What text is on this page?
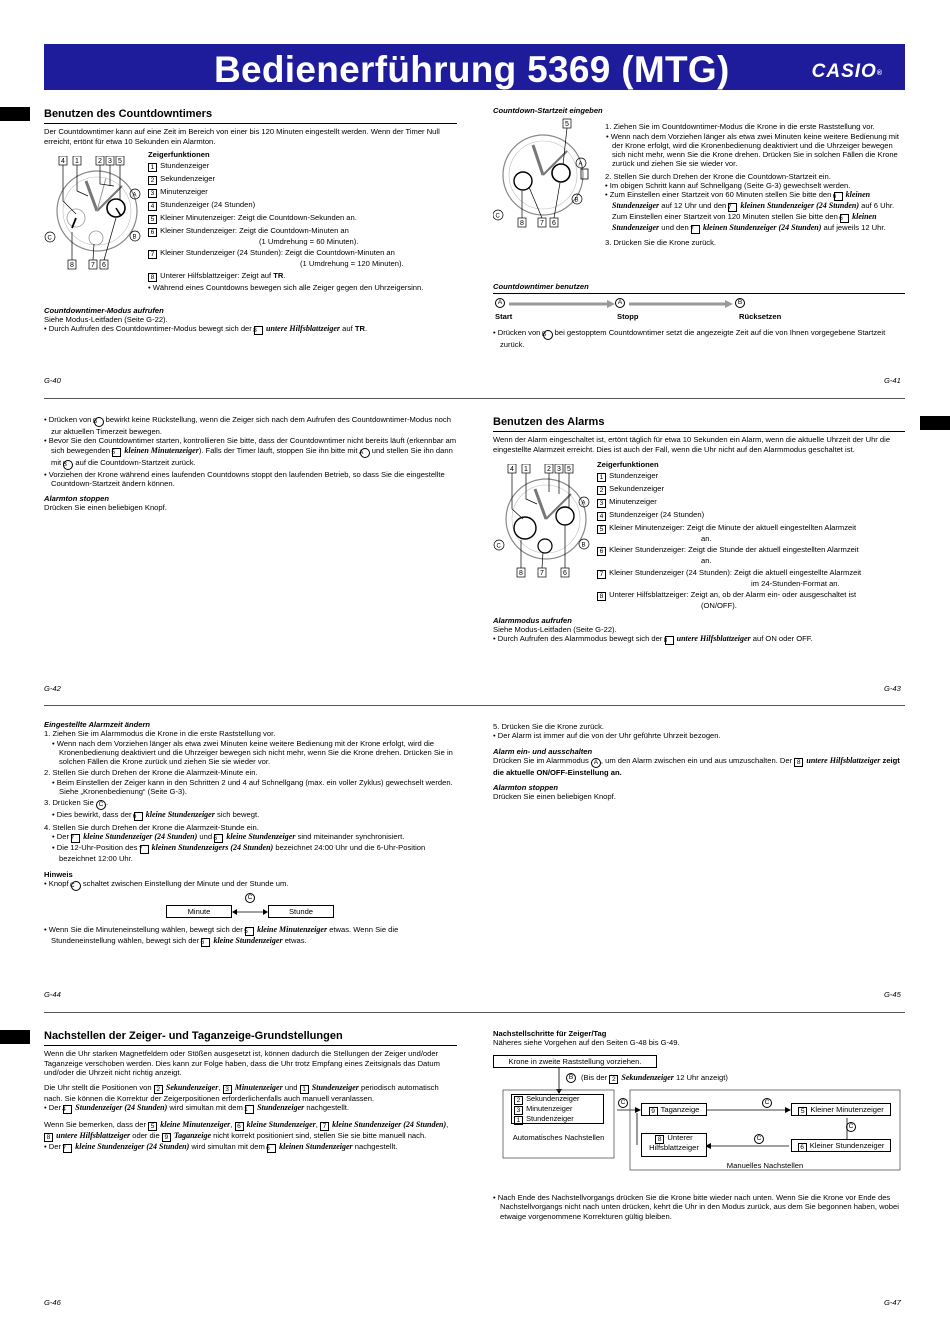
Bedienerführung 5369 (MTG)	CASIO®
Benutzen des Countdowntimers

Der Countdowntimer kann auf eine Zeit im Bereich von einer bis 120 Minuten eingestellt werden. Wenn der Timer Null erreicht, ertönt für etwa 10 Sekunden ein Alarmton.

4 1	2 3 5
A
B
C
8 7 6

Zeigerfunktionen

1 Stundenzeiger

2 Sekundenzeiger

3 Minutenzeiger

4 Stundenzeiger (24 Stunden)

5 Kleiner Minutenzeiger: Zeigt die Countdown-Sekunden an.

6 Kleiner Stundenzeiger: Zeigt die Countdown-Minuten an
(1 Umdrehung = 60 Minuten).

7 Kleiner Stundenzeiger (24 Stunden): Zeigt die Countdown-Minuten an
(1 Umdrehung = 120 Minuten).

8 Unterer Hilfsblattzeiger: Zeigt auf TR.

• Während eines Countdowns bewegen sich alle Zeiger gegen den Uhrzeigersinn.

Countdowntimer-Modus aufrufen

Siehe Modus-Leitfaden (Seite G-22).

• Durch Aufrufen des Countdowntimer-Modus bewegt sich der 8 untere Hilfsblattzeiger auf TR.

G-40

Countdown-Startzeit eingeben

5
A
B
C
8 7 6

1. Ziehen Sie im Countdowntimer-Modus die Krone in die erste Raststellung vor.

• Wenn nach dem Vorziehen länger als etwa zwei Minuten keine weitere Bedienung mit der Krone erfolgt, wird die Kronenbedienung deaktiviert und die Uhrzeiger bewegen sich nicht mehr, wenn Sie die Krone drehen. Drücken Sie in solchen Fällen die Krone zurück und ziehen Sie sie wieder vor.

2. Stellen Sie durch Drehen der Krone die Countdown-Startzeit ein.

• Im obigen Schritt kann auf Schnellgang (Seite G-3) gewechselt werden.

• Zum Einstellen einer Startzeit von 60 Minuten stellen Sie bitte den 6 kleinen Stundenzeiger auf 12 Uhr und den 7 kleinen Stundenzeiger (24 Stunden) auf 6 Uhr. Zum Einstellen einer Startzeit von 120 Minuten stellen Sie bitte den 6 kleinen Stundenzeiger und den 7 kleinen Stundenzeiger (24 Stunden) auf jeweils 12 Uhr.

3. Drücken Sie die Krone zurück.

Countdowntimer benutzen

A	A	B
Start	Stopp	Rücksetzen

• Drücken von B bei gestopptem Countdowntimer setzt die angezeigte Zeit auf die von Ihnen vorgegebene Startzeit zurück.

G-41

• Drücken von B bewirkt keine Rückstellung, wenn die Zeiger sich nach dem Aufrufen des Countdowntimer-Modus noch zur aktuellen Timerzeit bewegen.

• Bevor Sie den Countdowntimer starten, kontrollieren Sie bitte, dass der Countdowntimer nicht bereits läuft (erkennbar am sich bewegenden 5 kleinen Minutenzeiger). Falls der Timer läuft, stoppen Sie ihn bitte mit A und stellen Sie ihn dann mit B auf die Countdown-Startzeit zurück.

• Vorziehen der Krone während eines laufenden Countdowns stoppt den laufenden Betrieb, so dass Sie die eingestellte Countdown-Startzeit ändern können.

Alarmton stoppen

Drücken Sie einen beliebigen Knopf.

G-42
Benutzen des Alarms

Wenn der Alarm eingeschaltet ist, ertönt täglich für etwa 10 Sekunden ein Alarm, wenn die aktuelle Uhrzeit der Uhr die eingestellte Alarmzeit erreicht. Dies ist auch der Fall, wenn die Uhr nicht auf den Alarmmodus geschaltet ist.

4 1	2 3 5
A
B
C
8 7	6

Zeigerfunktionen

1 Stundenzeiger

2 Sekundenzeiger

3 Minutenzeiger

4 Stundenzeiger (24 Stunden)

5 Kleiner Minutenzeiger: Zeigt die Minute der aktuell eingestellten Alarmzeit
an.

6 Kleiner Stundenzeiger: Zeigt die Stunde der aktuell eingestellten Alarmzeit
an.

7 Kleiner Stundenzeiger (24 Stunden): Zeigt die aktuell eingestellte Alarmzeit
im 24-Stunden-Format an.

8 Unterer Hilfsblattzeiger: Zeigt an, ob der Alarm ein- oder ausgeschaltet ist
(ON/OFF).

Alarmmodus aufrufen

Siehe Modus-Leitfaden (Seite G-22).

• Durch Aufrufen des Alarmmodus bewegt sich der 8 untere Hilfsblattzeiger auf ON oder OFF.

G-43

Eingestellte Alarmzeit ändern

1. Ziehen Sie im Alarmmodus die Krone in die erste Raststellung vor.

• Wenn nach dem Vorziehen länger als etwa zwei Minuten keine weitere Bedienung mit der Krone erfolgt, wird die Kronenbedienung deaktiviert und die Uhrzeiger bewegen sich nicht mehr, wenn Sie die Krone drehen. Drücken Sie in solchen Fällen die Krone zurück und ziehen Sie sie wieder vor.

2. Stellen Sie durch Drehen der Krone die Alarmzeit-Minute ein.

• Beim Einstellen der Zeiger kann in den Schritten 2 und 4 auf Schnellgang (max. ein voller Zyklus) gewechselt werden. Siehe „Kronenbedienung“ (Seite G-3).

3. Drücken Sie C .

• Dies bewirkt, dass der 6 kleine Stundenzeiger sich bewegt.

4. Stellen Sie durch Drehen der Krone die Alarmzeit-Stunde ein.

• Der 7 kleine Stundenzeiger (24 Stunden) und 6 kleine Stundenzeiger sind miteinander synchronisiert.

• Die 12-Uhr-Position des 7 kleinen Stundenzeigers (24 Stunden) bezeichnet 24:00 Uhr und die 6-Uhr-Position bezeichnet 12:00 Uhr.

Hinweis

• Knopf C schaltet zwischen Einstellung der Minute und der Stunde um.

C
Minute	Stunde

• Wenn Sie die Minuteneinstellung wählen, bewegt sich der 5 kleine Minutenzeiger etwas. Wenn Sie die Stundeneinstellung wählen, bewegt sich der 6 kleine Stundenzeiger etwas.

G-44

5. Drücken Sie die Krone zurück.

• Der Alarm ist immer auf die von der Uhr geführte Uhrzeit bezogen.

Alarm ein- und ausschalten

Drücken Sie im Alarmmodus A , um den Alarm zwischen ein und aus umzuschalten. Der 8 untere Hilfsblattzeiger zeigt die aktuelle ON/OFF-Einstellung an.

Alarmton stoppen

Drücken Sie einen beliebigen Knopf.

G-45
Nachstellen der Zeiger- und Taganzeige-Grundstellungen

Wenn die Uhr starken Magnetfeldern oder Stößen ausgesetzt ist, können dadurch die Stellungen der Zeiger und/oder Taganzeige verschoben werden. Dies kann zur Folge haben, dass die Uhr trotz Empfang eines Zeitsignals das Datum und/oder die Uhrzeit nicht richtig anzeigt.

Die Uhr stellt die Positionen von 2 Sekundenzeiger, 3 Minutenzeiger und 1 Stundenzeiger periodisch automatisch nach. Sie können die Korrektur der Zeigerpositionen erforderlichenfalls auch manuell veranlassen.

• Der 4 Stundenzeiger (24 Stunden) wird simultan mit dem 1 Stundenzeiger nachgestellt.

Wenn Sie bemerken, dass der 5 kleine Minutenzeiger, 6 kleine Stundenzeiger, 7 kleine Stundenzeiger (24 Stunden), 8 untere Hilfsblattzeiger oder die 9 Taganzeige nicht korrekt positioniert sind, stellen Sie sie bitte manuell nach.

• Der 7 kleine Stundenzeiger (24 Stunden) wird simultan mit dem 6 kleinen Stundenzeiger nachgestellt.

G-46

Nachstellschritte für Zeiger/Tag

Näheres siehe Vorgehen auf den Seiten G-48 bis G-49.

Krone in zweite Raststellung vorziehen.
B	(Bis der 2 Sekundenzeiger 12 Uhr anzeigt)
2 Sekundenzeiger
3 Minutenzeiger
1 Stundenzeiger
Automatisches Nachstellen
C
9 Taganzeige
C
5 Kleiner Minutenzeiger
C
6 Kleiner Stundenzeiger
C
8 Unterer Hilfsblattzeiger
Manuelles Nachstellen

• Nach Ende des Nachstellvorgangs drücken Sie die Krone bitte wieder nach unten. Wenn Sie die Krone vor Ende des Nachstellvorgangs nicht nach unten drücken, kehrt die Uhr in den Modus zurück, aus dem Sie begonnen haben, wobei etwaige vorgenommene Korrekturen gültig bleiben.

G-47
